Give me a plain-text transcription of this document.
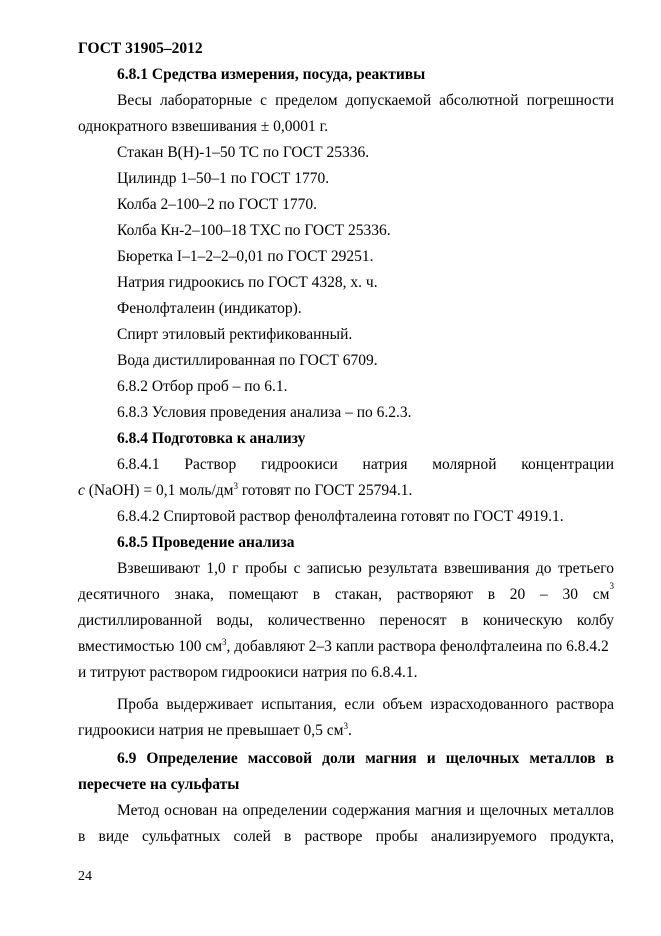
ГОСТ 31905–2012
6.8.1 Средства измерения, посуда, реактивы
Весы лабораторные с пределом допускаемой абсолютной погрешности
однократного взвешивания ± 0,0001 г.
Стакан В(Н)-1–50 ТС по ГОСТ 25336.
Цилиндр 1–50–1 по ГОСТ 1770.
Колба 2–100–2 по ГОСТ 1770.
Колба Кн-2–100–18 ТХС по ГОСТ 25336.
Бюретка I–1–2–2–0,01 по ГОСТ 29251.
Натрия гидроокись по ГОСТ 4328, х. ч.
Фенолфталеин (индикатор).
Спирт этиловый ректификованный.
Вода дистиллированная по ГОСТ 6709.
6.8.2 Отбор проб – по 6.1.
6.8.3 Условия проведения анализа – по 6.2.3.
6.8.4 Подготовка к анализу
6.8.4.1 Раствор гидроокиси натрия молярной концентрации
c (NaOH) = 0,1 моль/$дм^3$ готовят по ГОСТ 25794.1.
6.8.4.2 Спиртовой раствор фенолфталеина готовят по ГОСТ 4919.1.
6.8.5 Проведение анализа
Взвешивают 1,0 г пробы с записью результата взвешивания до третьего
десятичного знака, помещают в стакан, растворяют в 20 – 30 см 3
дистиллированной воды, количественно переносят в коническую колбу
вместимостью 100 $см^3$, добавляют 2–3 капли раствора фенолфталеина по 6.8.4.2
и титруют раствором гидроокиси натрия по 6.8.4.1.
Проба выдерживает испытания, если объем израсходованного раствора
гидроокиси натрия не превышает 0,5 $см^3$.
6.9 Определение массовой доли магния и щелочных металлов в
пересчете на сульфаты
Метод основан на определении содержания магния и щелочных металлов
в виде сульфатных солей в растворе пробы анализируемого продукта,
24
